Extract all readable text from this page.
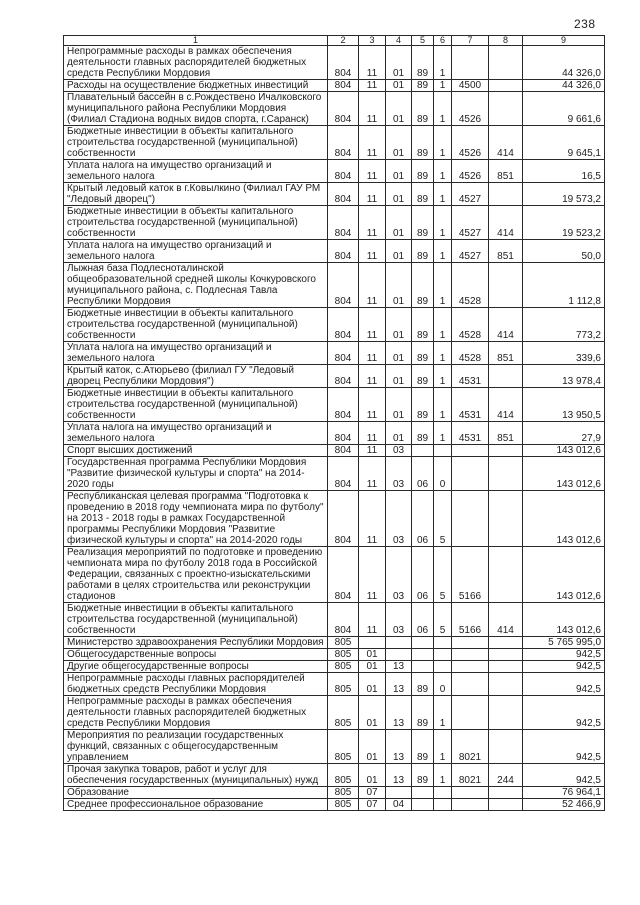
238
1	2	3	4	5	6	7	8	9
Непрограммные расходы в рамках обеспечения деятельности главных распорядителей бюджетных средств Республики Мордовия	804	11	01	89	1			44 326,0
Расходы на осуществление бюджетных инвестиций	804	11	01	89	1	4500		44 326,0
Плавательный бассейн в с.Рождествено Ичалковского муниципального района Республики Мордовия (Филиал Стадиона водных видов спорта, г.Саранск)	804	11	01	89	1	4526		9 661,6
Бюджетные инвестиции в объекты капитального строительства государственной (муниципальной) собственности	804	11	01	89	1	4526	414	9 645,1
Уплата налога на имущество организаций и земельного налога	804	11	01	89	1	4526	851	16,5
Крытый ледовый каток в г.Ковылкино (Филиал ГАУ РМ "Ледовый дворец")	804	11	01	89	1	4527		19 573,2
Бюджетные инвестиции в объекты капитального строительства государственной (муниципальной) собственности	804	11	01	89	1	4527	414	19 523,2
Уплата налога на имущество организаций и земельного налога	804	11	01	89	1	4527	851	50,0
Лыжная база Подлесноталинской общеобразовательной средней школы Кочкуровского муниципального района, с. Подлесная Тавла Республики Мордовия	804	11	01	89	1	4528		1 112,8
Бюджетные инвестиции в объекты капитального строительства государственной (муниципальной) собственности	804	11	01	89	1	4528	414	773,2
Уплата налога на имущество организаций и земельного налога	804	11	01	89	1	4528	851	339,6
Крытый каток, с.Атюрьево (филиал ГУ "Ледовый дворец Республики Мордовия")	804	11	01	89	1	4531		13 978,4
Бюджетные инвестиции в объекты капитального строительства государственной (муниципальной) собственности	804	11	01	89	1	4531	414	13 950,5
Уплата налога на имущество организаций и земельного налога	804	11	01	89	1	4531	851	27,9
Спорт высших достижений	804	11	03					143 012,6
Государственная программа Республики Мордовия "Развитие физической культуры и спорта" на 2014-2020 годы	804	11	03	06	0			143 012,6
Республиканская целевая программа "Подготовка к проведению в 2018 году чемпионата мира по футболу" на 2013 - 2018 годы в рамках Государственной программы Республики Мордовия "Развитие физической культуры и спорта" на 2014-2020 годы	804	11	03	06	5			143 012,6
Реализация мероприятий по подготовке и проведению чемпионата мира по футболу 2018 года в Российской Федерации, связанных с проектно-изыскательскими работами в целях строительства или реконструкции стадионов	804	11	03	06	5	5166		143 012,6
Бюджетные инвестиции в объекты капитального строительства государственной (муниципальной) собственности	804	11	03	06	5	5166	414	143 012,6
Министерство здравоохранения Республики Мордовия	805							5 765 995,0
Общегосударственные вопросы	805	01						942,5
Другие общегосударственные вопросы	805	01	13					942,5
Непрограммные расходы главных распорядителей бюджетных средств Республики Мордовия	805	01	13	89	0			942,5
Непрограммные расходы в рамках обеспечения деятельности главных распорядителей бюджетных средств Республики Мордовия	805	01	13	89	1			942,5
Мероприятия по реализации государственных функций, связанных с общегосударственным управлением	805	01	13	89	1	8021		942,5
Прочая закупка товаров, работ и услуг для обеспечения государственных (муниципальных) нужд	805	01	13	89	1	8021	244	942,5
Образование	805	07						76 964,1
Среднее профессиональное образование	805	07	04					52 466,9
